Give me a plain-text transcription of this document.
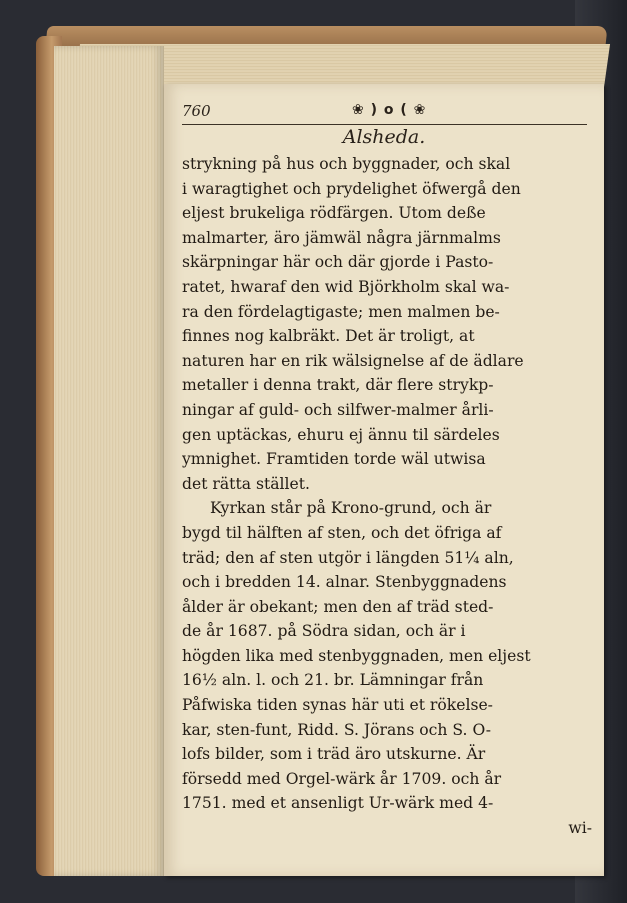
760	❀ ) o ( ❀
Alsheda.
strykning på hus och byggnader, och skal
i waragtighet och prydelighet öfwergå den
eljest brukeliga rödfärgen. Utom deße
malmarter, äro jämwäl några järnmalms
skärpningar här och där gjorde i Pasto-
ratet, hwaraf den wid Björkholm skal wa-
ra den fördelagtigaste; men malmen be-
finnes nog kalbräkt. Det är troligt, at
naturen har en rik wälsignelse af de ädlare
metaller i denna trakt, där flere strykp-
ningar af guld- och silfwer-malmer årli-
gen uptäckas, ehuru ej ännu til särdeles
ymnighet. Framtiden torde wäl utwisa
det rätta stället.
Kyrkan står på Krono-grund, och är
bygd til hälften af sten, och det öfriga af
träd; den af sten utgör i längden 51¼ aln,
och i bredden 14. alnar. Stenbyggnadens
ålder är obekant; men den af träd sted-
de år 1687. på Södra sidan, och är i
högden lika med stenbyggnaden, men eljest
16½ aln. l. och 21. br. Lämningar från
Påfwiska tiden synas här uti et rökelse-
kar, sten-funt, Ridd. S. Jörans och S. O-
lofs bilder, som i träd äro utskurne. Är
försedd med Orgel-wärk år 1709. och år
1751. med et ansenligt Ur-wärk med 4-
wi-
